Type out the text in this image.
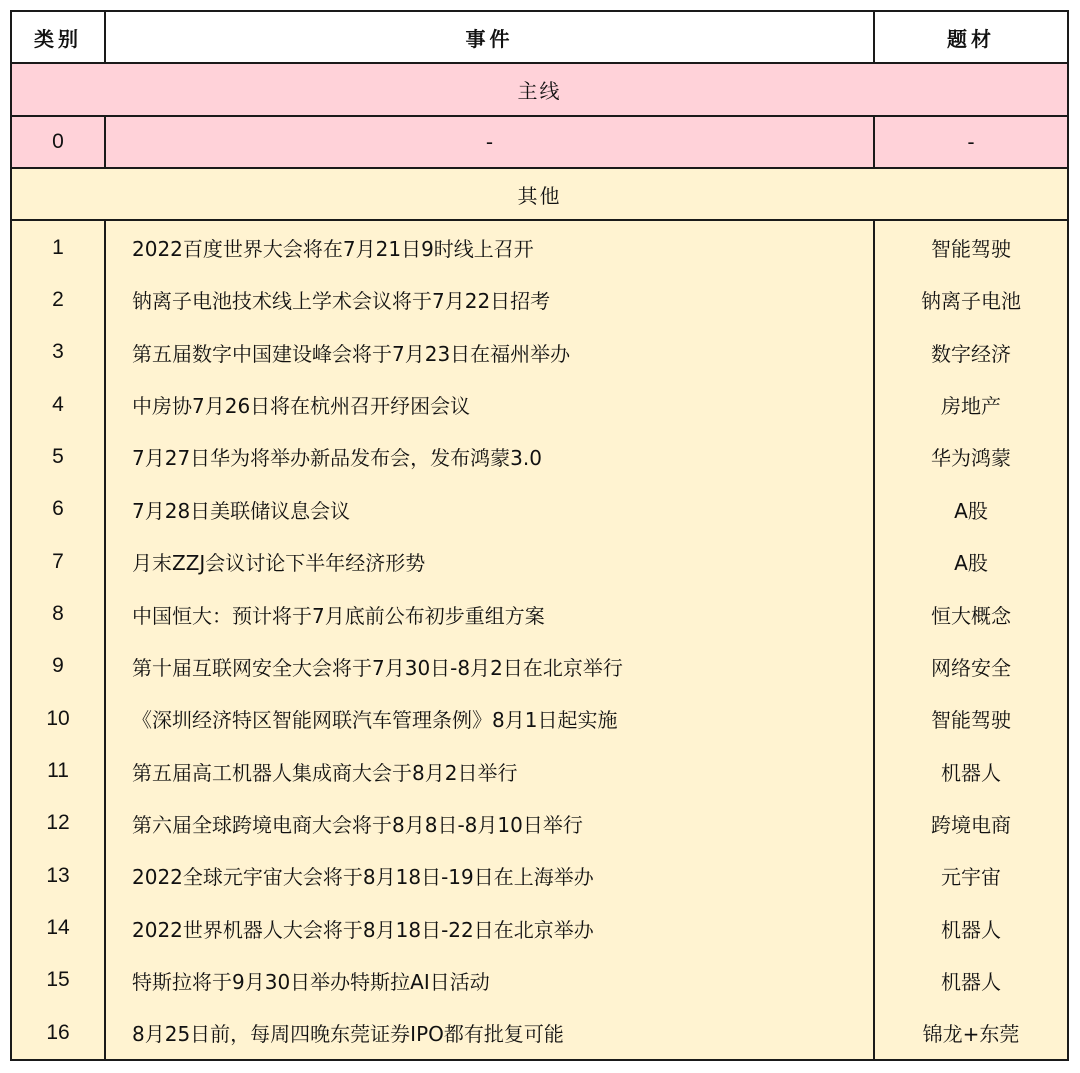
类别	事件	题材
主线
0	-	-
其他
1	2022百度世界大会将在7月21日9时线上召开	智能驾驶
2	钠离子电池技术线上学术会议将于7月22日招考	钠离子电池
3	第五届数字中国建设峰会将于7月23日在福州举办	数字经济
4	中房协7月26日将在杭州召开纾困会议	房地产
5	7月27日华为将举办新品发布会，发布鸿蒙3.0	华为鸿蒙
6	7月28日美联储议息会议	A股
7	月末ZZJ会议讨论下半年经济形势	A股
8	中国恒大：预计将于7月底前公布初步重组方案	恒大概念
9	第十届互联网安全大会将于7月30日-8月2日在北京举行	网络安全
10	《深圳经济特区智能网联汽车管理条例》8月1日起实施	智能驾驶
11	第五届高工机器人集成商大会于8月2日举行	机器人
12	第六届全球跨境电商大会将于8月8日-8月10日举行	跨境电商
13	2022全球元宇宙大会将于8月18日-19日在上海举办	元宇宙
14	2022世界机器人大会将于8月18日-22日在北京举办	机器人
15	特斯拉将于9月30日举办特斯拉AI日活动	机器人
16	8月25日前，每周四晚东莞证券IPO都有批复可能	锦龙+东莞
